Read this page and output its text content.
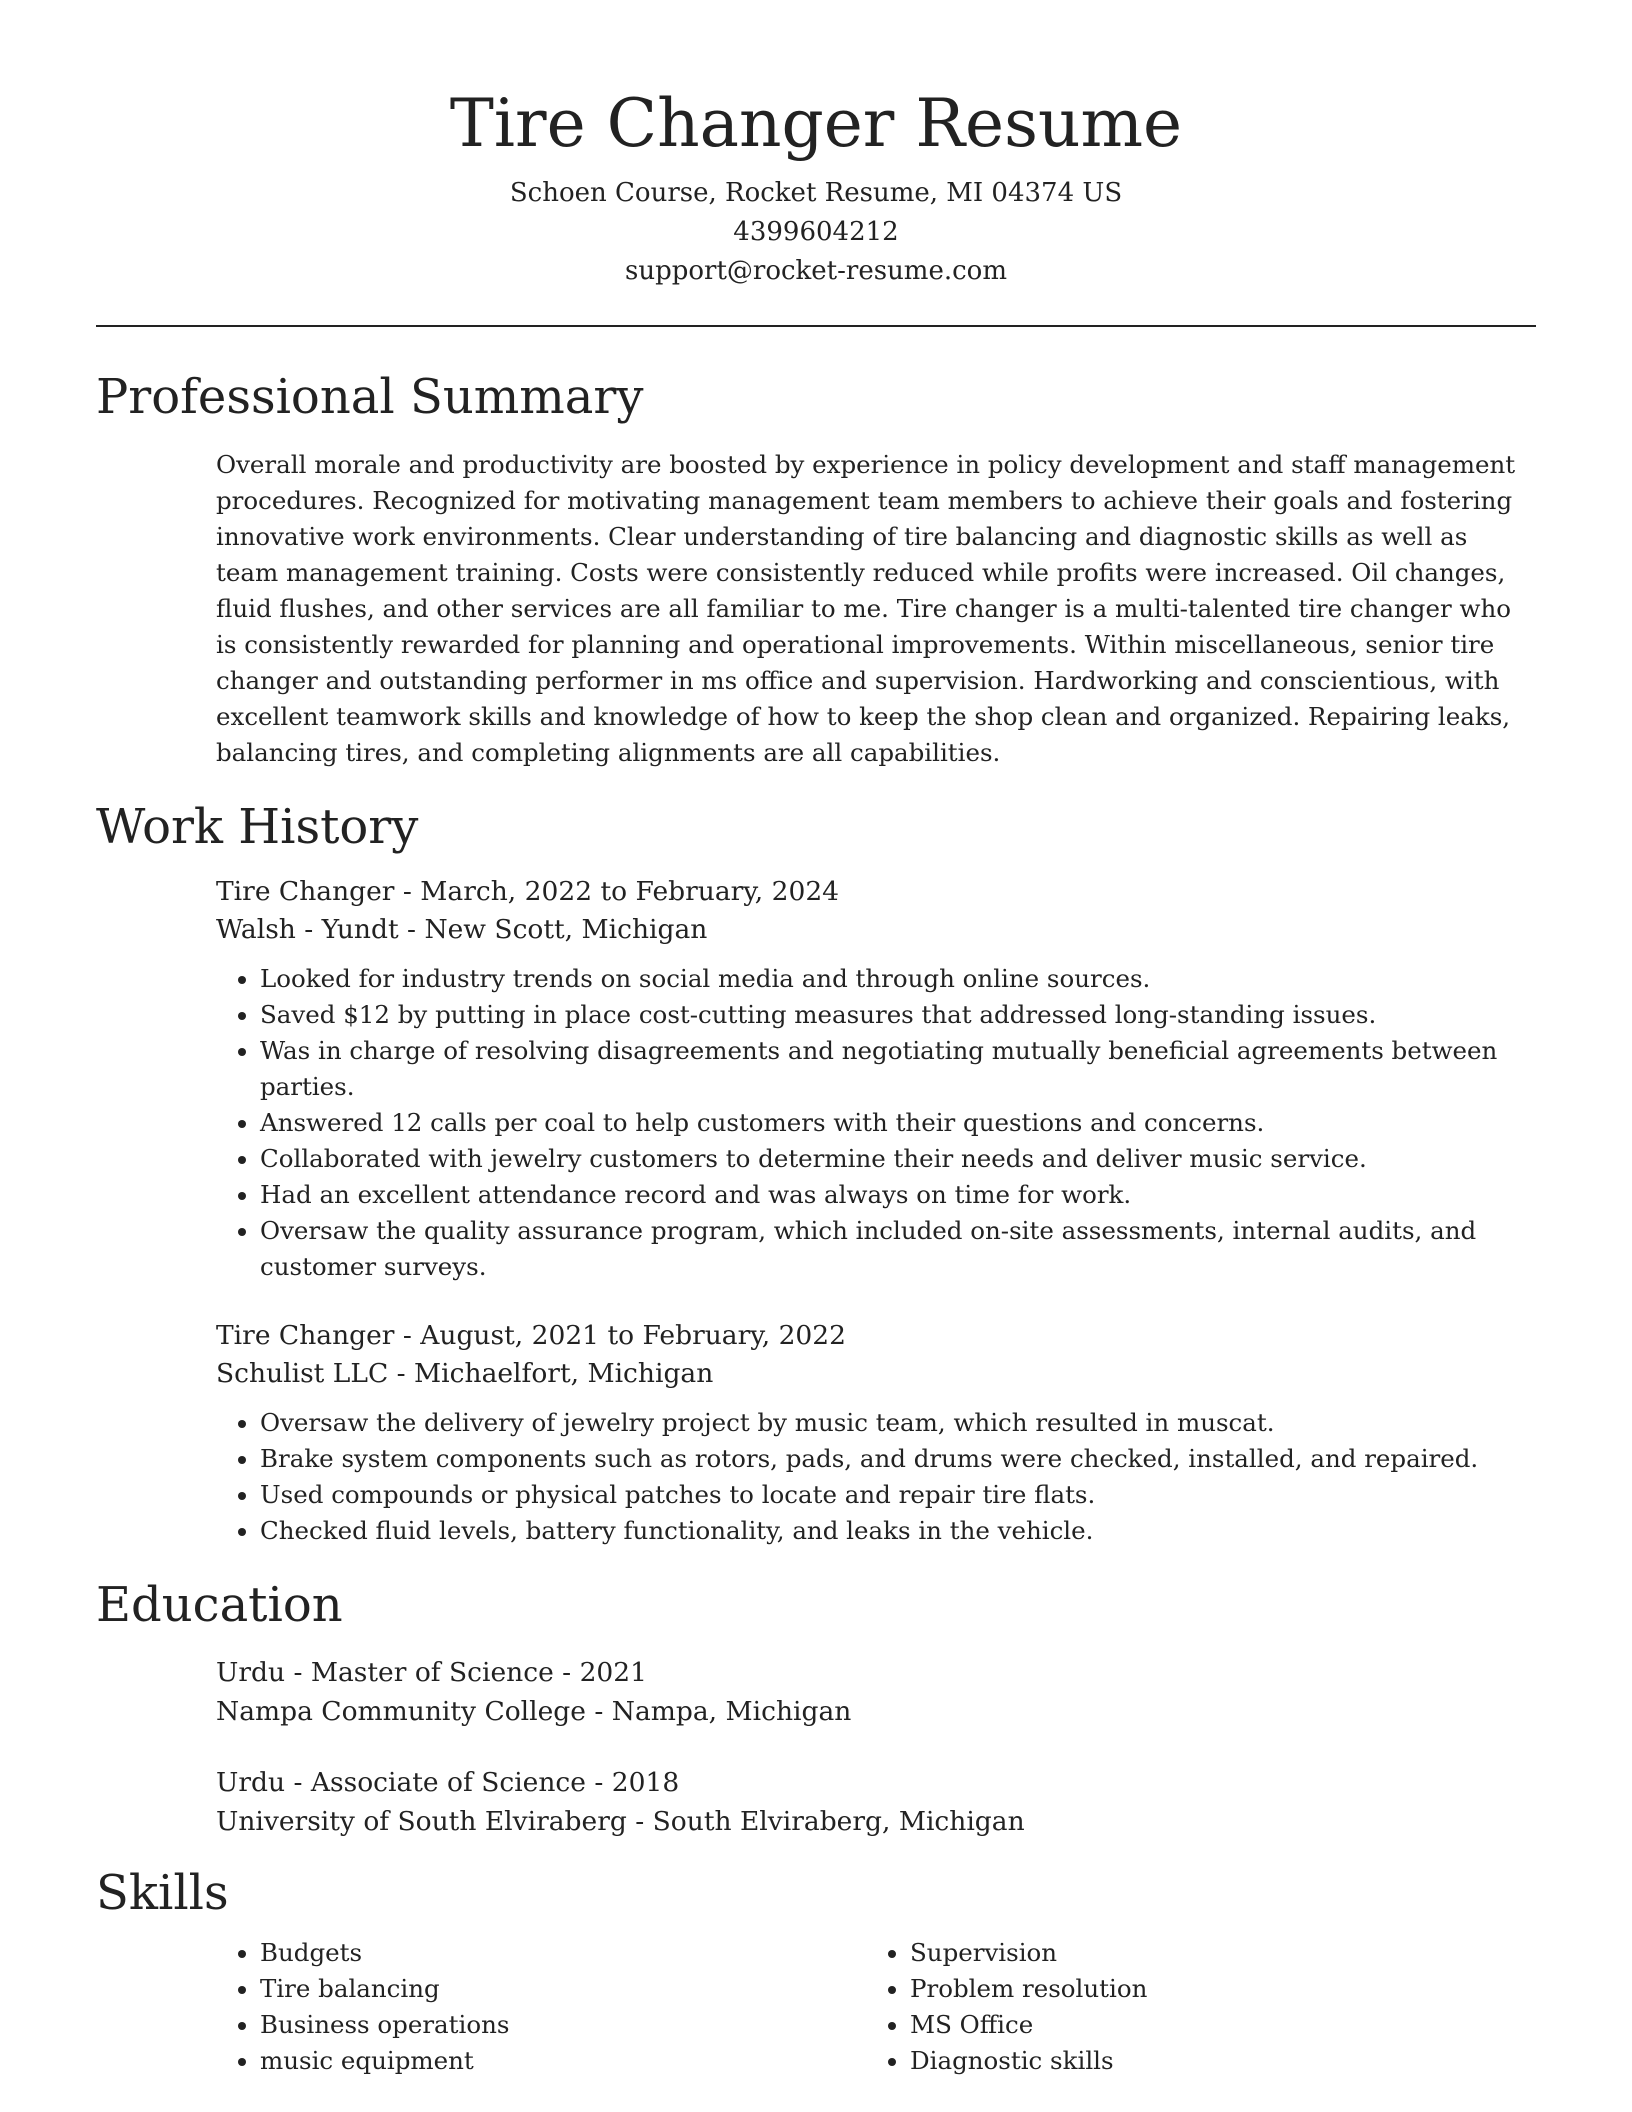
Tire Changer Resume
Schoen Course, Rocket Resume, MI 04374 US
4399604212
support@rocket-resume.com
Professional Summary
Overall morale and productivity are boosted by experience in policy development and staff management procedures. Recognized for motivating management team members to achieve their goals and fostering innovative work environments. Clear understanding of tire balancing and diagnostic skills as well as team management training. Costs were consistently reduced while profits were increased. Oil changes, fluid flushes, and other services are all familiar to me. Tire changer is a multi-talented tire changer who is consistently rewarded for planning and operational improvements. Within miscellaneous, senior tire changer and outstanding performer in ms office and supervision. Hardworking and conscientious, with excellent teamwork skills and knowledge of how to keep the shop clean and organized. Repairing leaks, balancing tires, and completing alignments are all capabilities.
Work History
Tire Changer - March, 2022 to February, 2024
Walsh - Yundt - New Scott, Michigan
• Looked for industry trends on social media and through online sources.
• Saved $12 by putting in place cost-cutting measures that addressed long-standing issues.
• Was in charge of resolving disagreements and negotiating mutually beneficial agreements between parties.
• Answered 12 calls per coal to help customers with their questions and concerns.
• Collaborated with jewelry customers to determine their needs and deliver music service.
• Had an excellent attendance record and was always on time for work.
• Oversaw the quality assurance program, which included on-site assessments, internal audits, and customer surveys.
Tire Changer - August, 2021 to February, 2022
Schulist LLC - Michaelfort, Michigan
• Oversaw the delivery of jewelry project by music team, which resulted in muscat.
• Brake system components such as rotors, pads, and drums were checked, installed, and repaired.
• Used compounds or physical patches to locate and repair tire flats.
• Checked fluid levels, battery functionality, and leaks in the vehicle.
Education
Urdu - Master of Science - 2021
Nampa Community College - Nampa, Michigan
Urdu - Associate of Science - 2018
University of South Elviraberg - South Elviraberg, Michigan
Skills
• Budgets
• Tire balancing
• Business operations
• music equipment
• Supervision
• Problem resolution
• MS Office
• Diagnostic skills
